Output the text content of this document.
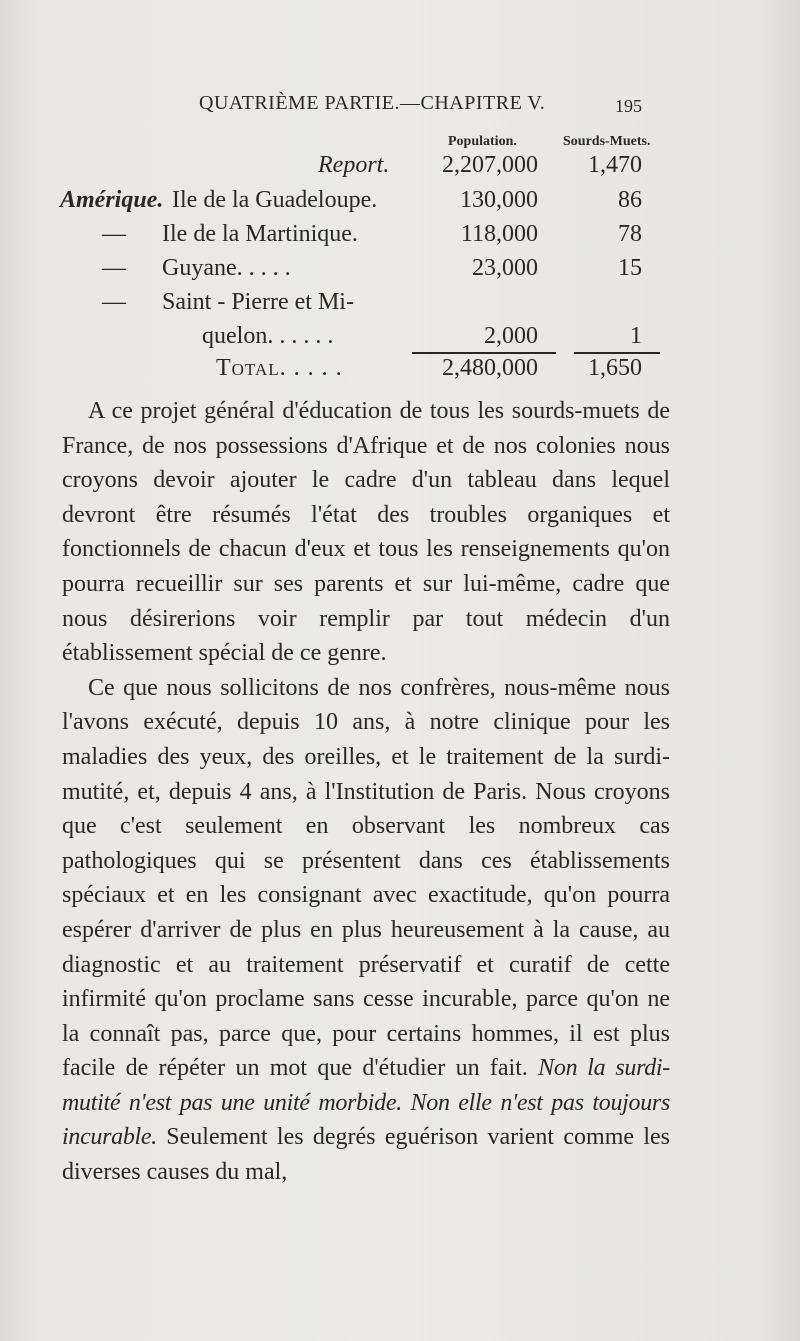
QUATRIÈME PARTIE.—CHAPITRE V.	195
Population.	Sourds-Muets.
Report. 2,207,000 1,470
Amérique. Ile de la Guadeloupe.	130,000	86
— Ile de la Martinique.	118,000	78
— Guyane. . . . .	23,000	15
— Saint - Pierre et Mi-
quelon. . . . . .	2,000	1
Total. . . . .	2,480,000 1,650

A ce projet général d'éducation de tous les sourds-muets de France, de nos possessions d'Afrique et de nos colonies nous croyons devoir ajouter le cadre d'un tableau dans lequel devront être résumés l'état des troubles organiques et fonctionnels de chacun d'eux et tous les renseignements qu'on pourra recueillir sur ses parents et sur lui-même, cadre que nous désirerions voir remplir par tout médecin d'un établissement spécial de ce genre.

Ce que nous sollicitons de nos confrères, nous-même nous l'avons exécuté, depuis 10 ans, à notre clinique pour les maladies des yeux, des oreilles, et le traitement de la surdi-mutité, et, depuis 4 ans, à l'Institution de Paris. Nous croyons que c'est seulement en observant les nombreux cas pathologiques qui se présentent dans ces établissements spéciaux et en les consignant avec exactitude, qu'on pourra espérer d'arriver de plus en plus heureusement à la cause, au diagnostic et au traitement préservatif et curatif de cette infirmité qu'on proclame sans cesse incurable, parce qu'on ne la connaît pas, parce que, pour certains hommes, il est plus facile de répéter un mot que d'étudier un fait. Non la surdi-mutité n'est pas une unité morbide. Non elle n'est pas toujours incurable. Seulement les degrés eguérison varient comme les diverses causes du mal,
